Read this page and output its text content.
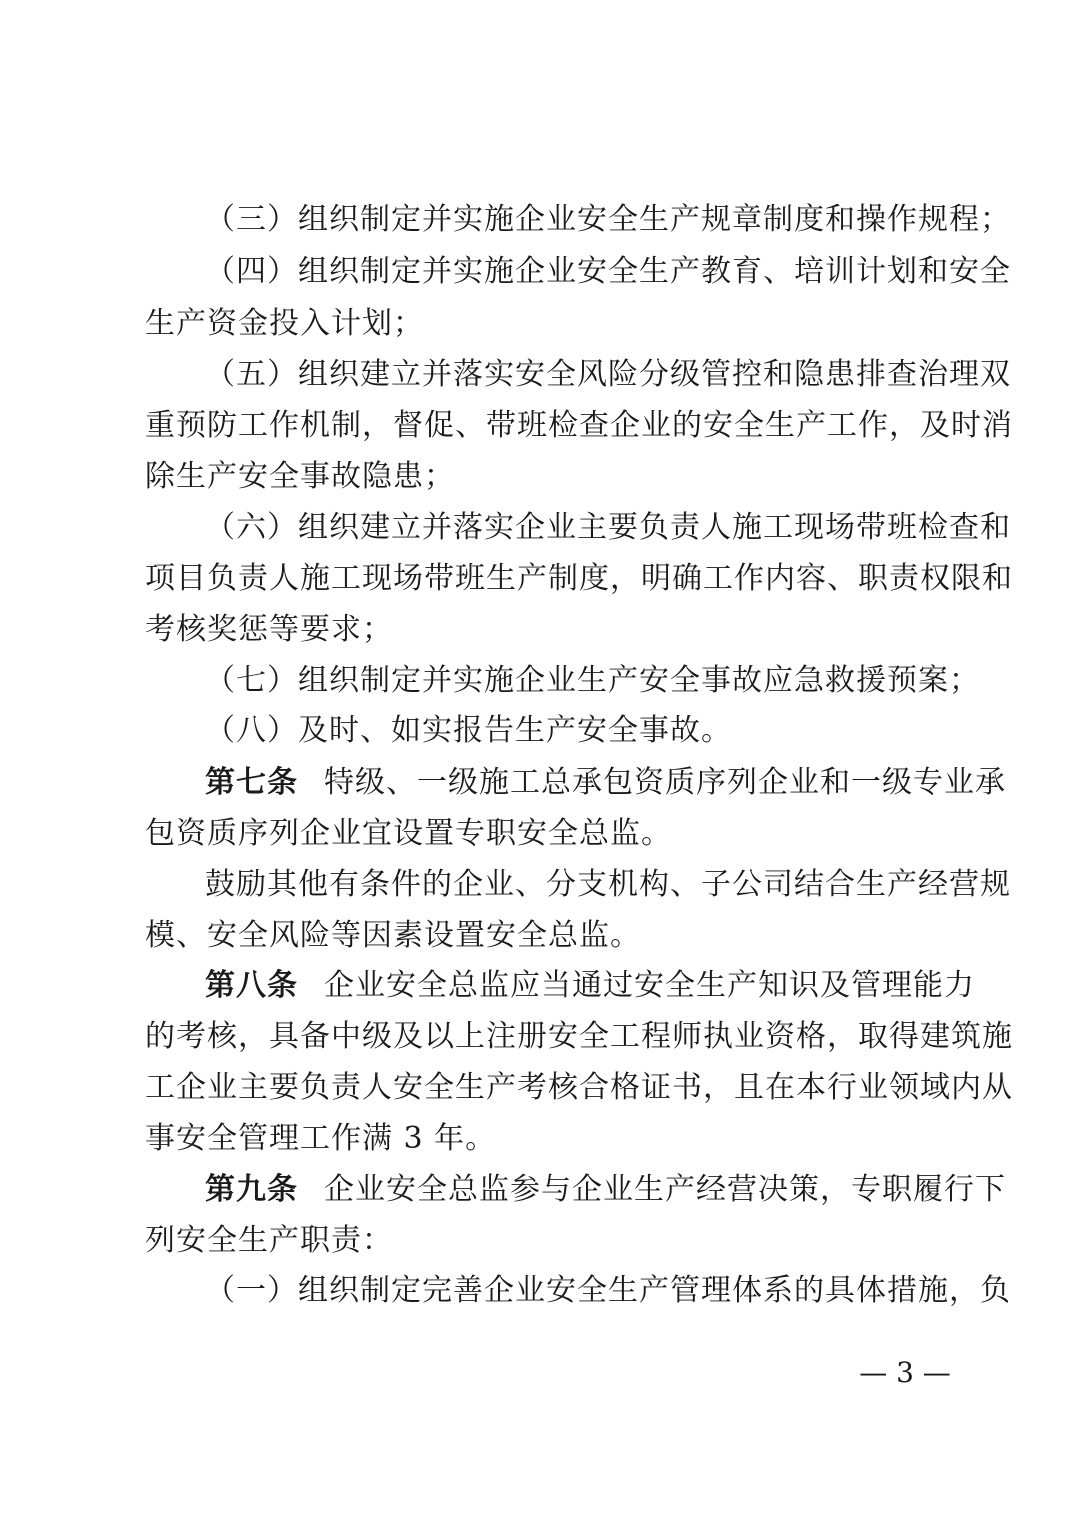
（三）组织制定并实施企业安全生产规章制度和操作规程；
（四）组织制定并实施企业安全生产教育、培训计划和安全
生产资金投入计划；
（五）组织建立并落实安全风险分级管控和隐患排查治理双
重预防工作机制，督促、带班检查企业的安全生产工作，及时消
除生产安全事故隐患；
（六）组织建立并落实企业主要负责人施工现场带班检查和
项目负责人施工现场带班生产制度，明确工作内容、职责权限和
考核奖惩等要求；
（七）组织制定并实施企业生产安全事故应急救援预案；
（八）及时、如实报告生产安全事故。
第七条 特级、一级施工总承包资质序列企业和一级专业承
包资质序列企业宜设置专职安全总监。
鼓励其他有条件的企业、分支机构、子公司结合生产经营规
模、安全风险等因素设置安全总监。
第八条 企业安全总监应当通过安全生产知识及管理能力
的考核，具备中级及以上注册安全工程师执业资格，取得建筑施
工企业主要负责人安全生产考核合格证书，且在本行业领域内从
事安全管理工作满 3 年。
第九条 企业安全总监参与企业生产经营决策，专职履行下
列安全生产职责：
（一）组织制定完善企业安全生产管理体系的具体措施，负
— 3 —
